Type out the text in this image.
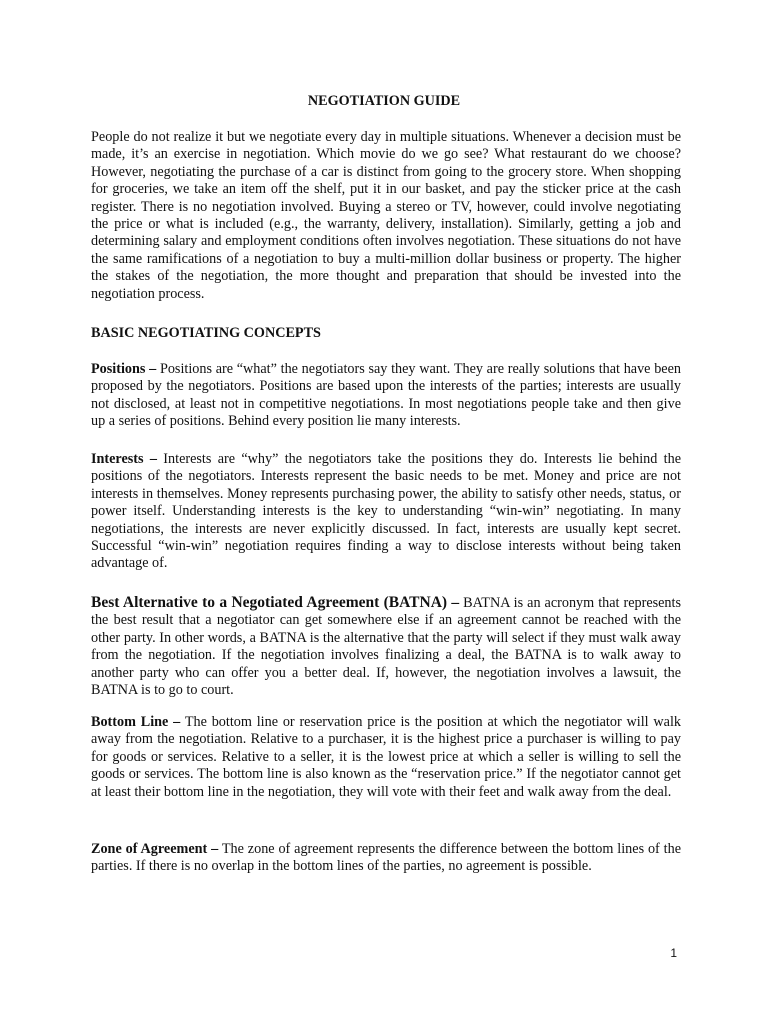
NEGOTIATION GUIDE

People do not realize it but we negotiate every day in multiple situations. Whenever a decision must be made, it’s an exercise in negotiation. Which movie do we go see? What restaurant do we choose? However, negotiating the purchase of a car is distinct from going to the grocery store. When shopping for groceries, we take an item off the shelf, put it in our basket, and pay the sticker price at the cash register. There is no negotiation involved. Buying a stereo or TV, however, could involve negotiating the price or what is included (e.g., the warranty, delivery, installation). Similarly, getting a job and determining salary and employment conditions often involves negotiation. These situations do not have the same ramifications of a negotiation to buy a multi-million dollar business or property. The higher the stakes of the negotiation, the more thought and preparation that should be invested into the negotiation process.

BASIC NEGOTIATING CONCEPTS

Positions – Positions are “what” the negotiators say they want. They are really solutions that have been proposed by the negotiators. Positions are based upon the interests of the parties; interests are usually not disclosed, at least not in competitive negotiations. In most negotiations people take and then give up a series of positions. Behind every position lie many interests.

Interests – Interests are “why” the negotiators take the positions they do. Interests lie behind the positions of the negotiators. Interests represent the basic needs to be met. Money and price are not interests in themselves. Money represents purchasing power, the ability to satisfy other needs, status, or power itself. Understanding interests is the key to understanding “win-win” negotiating. In many negotiations, the interests are never explicitly discussed. In fact, interests are usually kept secret. Successful “win-win” negotiation requires finding a way to disclose interests without being taken advantage of.

Best Alternative to a Negotiated Agreement (BATNA) – BATNA is an acronym that represents the best result that a negotiator can get somewhere else if an agreement cannot be reached with the other party. In other words, a BATNA is the alternative that the party will select if they must walk away from the negotiation. If the negotiation involves finalizing a deal, the BATNA is to walk away to another party who can offer you a better deal. If, however, the negotiation involves a lawsuit, the BATNA is to go to court.

Bottom Line – The bottom line or reservation price is the position at which the negotiator will walk away from the negotiation. Relative to a purchaser, it is the highest price a purchaser is willing to pay for goods or services. Relative to a seller, it is the lowest price at which a seller is willing to sell the goods or services. The bottom line is also known as the “reservation price.” If the negotiator cannot get at least their bottom line in the negotiation, they will vote with their feet and walk away from the deal.

Zone of Agreement – The zone of agreement represents the difference between the bottom lines of the parties. If there is no overlap in the bottom lines of the parties, no agreement is possible.

1
